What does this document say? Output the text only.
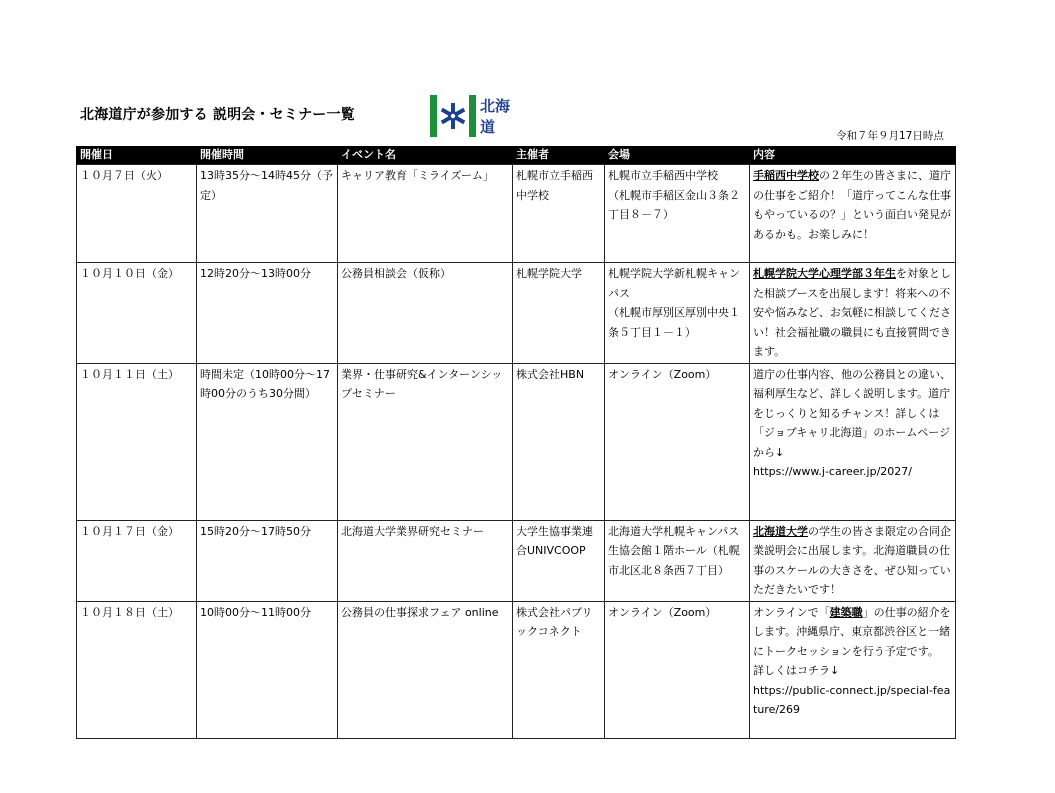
北海道庁が参加する 説明会・セミナー一覧	北海道	令和７年９月17日時点
開催日	開催時間	イベント名	主催者	会場	内容
１０月７日（火）	13時35分～14時45分（予定）	キャリア教育「ミライズーム」	札幌市立手稲西中学校	札幌市立手稲西中学校
（札幌市手稲区金山３条２丁目８－７）	手稲西中学校の２年生の皆さまに、道庁の仕事をご紹介！「道庁ってこんな仕事もやっているの？」という面白い発見があるかも。お楽しみに！
１０月１０日（金）	12時20分～13時00分	公務員相談会（仮称）	札幌学院大学	札幌学院大学新札幌キャンパス
（札幌市厚別区厚別中央１条５丁目１－１）	札幌学院大学心理学部３年生を対象とした相談ブースを出展します！将来への不安や悩みなど、お気軽に相談してください！社会福祉職の職員にも直接質問できます。
１０月１１日（土）	時間未定（10時00分～17時00分のうち30分間）	業界・仕事研究&インターンシップセミナー	株式会社HBN	オンライン（Zoom）	道庁の仕事内容、他の公務員との違い、福利厚生など、詳しく説明します。道庁をじっくりと知るチャンス！詳しくは「ジョブキャリ北海道」のホームページから↓
https://www.j-career.jp/2027/

１０月１７日（金）	15時20分～17時50分	北海道大学業界研究セミナー	大学生協事業連合UNIVCOOP	北海道大学札幌キャンパス生協会館１階ホール（札幌市北区北８条西７丁目）	北海道大学の学生の皆さま限定の合同企業説明会に出展します。北海道職員の仕事のスケールの大きさを、ぜひ知っていただきたいです！
１０月１８日（土）	10時00分～11時00分	公務員の仕事探求フェア online	株式会社パブリックコネクト	オンライン（Zoom）	オンラインで「建築職」の仕事の紹介をします。沖縄県庁、東京都渋谷区と一緒にトークセッションを行う予定です。
詳しくはコチラ↓
https://public-connect.jp/special-feature/269
